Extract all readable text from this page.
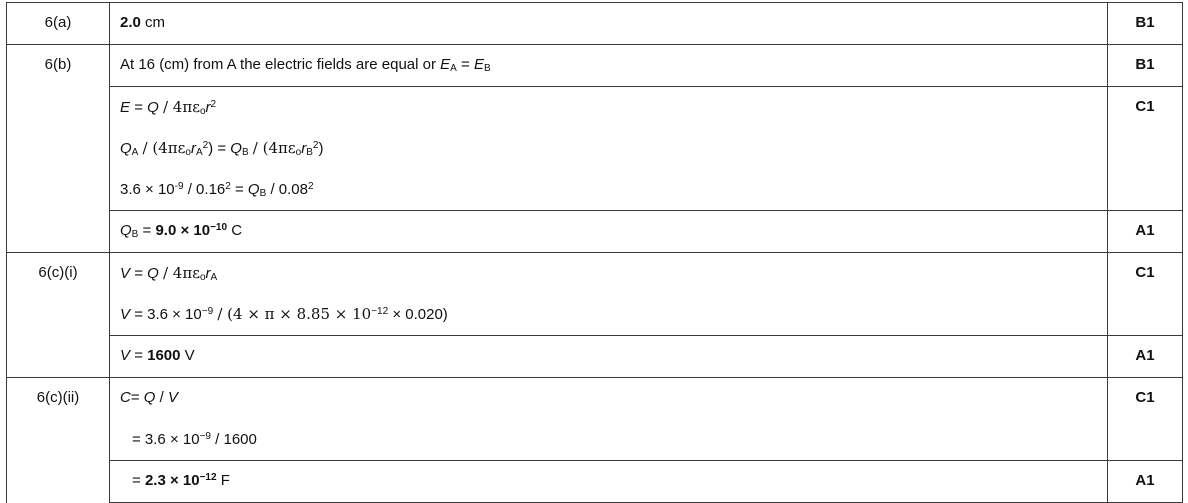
6(a)	2.0 cm	B1

6(b)	At 16 (cm) from A the electric fields are equal or $E_A = E_B$	B1

	$E = Q / 4\pi\varepsilon_or^2$
$Q_A / (4\pi\varepsilon_or_A^2) = Q_B / (4\pi\varepsilon_or_B^2)$
$3.6 \times 10^{-9} / 0.16^2 = Q_B / 0.08^2$	C1

	$Q_B = 9.0 \times 10^{-10}$ C	A1

6(c)(i)	$V = Q / 4\pi\varepsilon_or_A$
$V = 3.6 \times 10^{-9} / (4 \times \pi \times 8.85 \times 10^{-12} \times 0.020)$	C1

	V = 1600 V	A1

6(c)(ii)	C= Q / V
= $3.6 \times 10^{-9} / 1600$	C1

	= $2.3 \times 10^{-12}$ F	A1
